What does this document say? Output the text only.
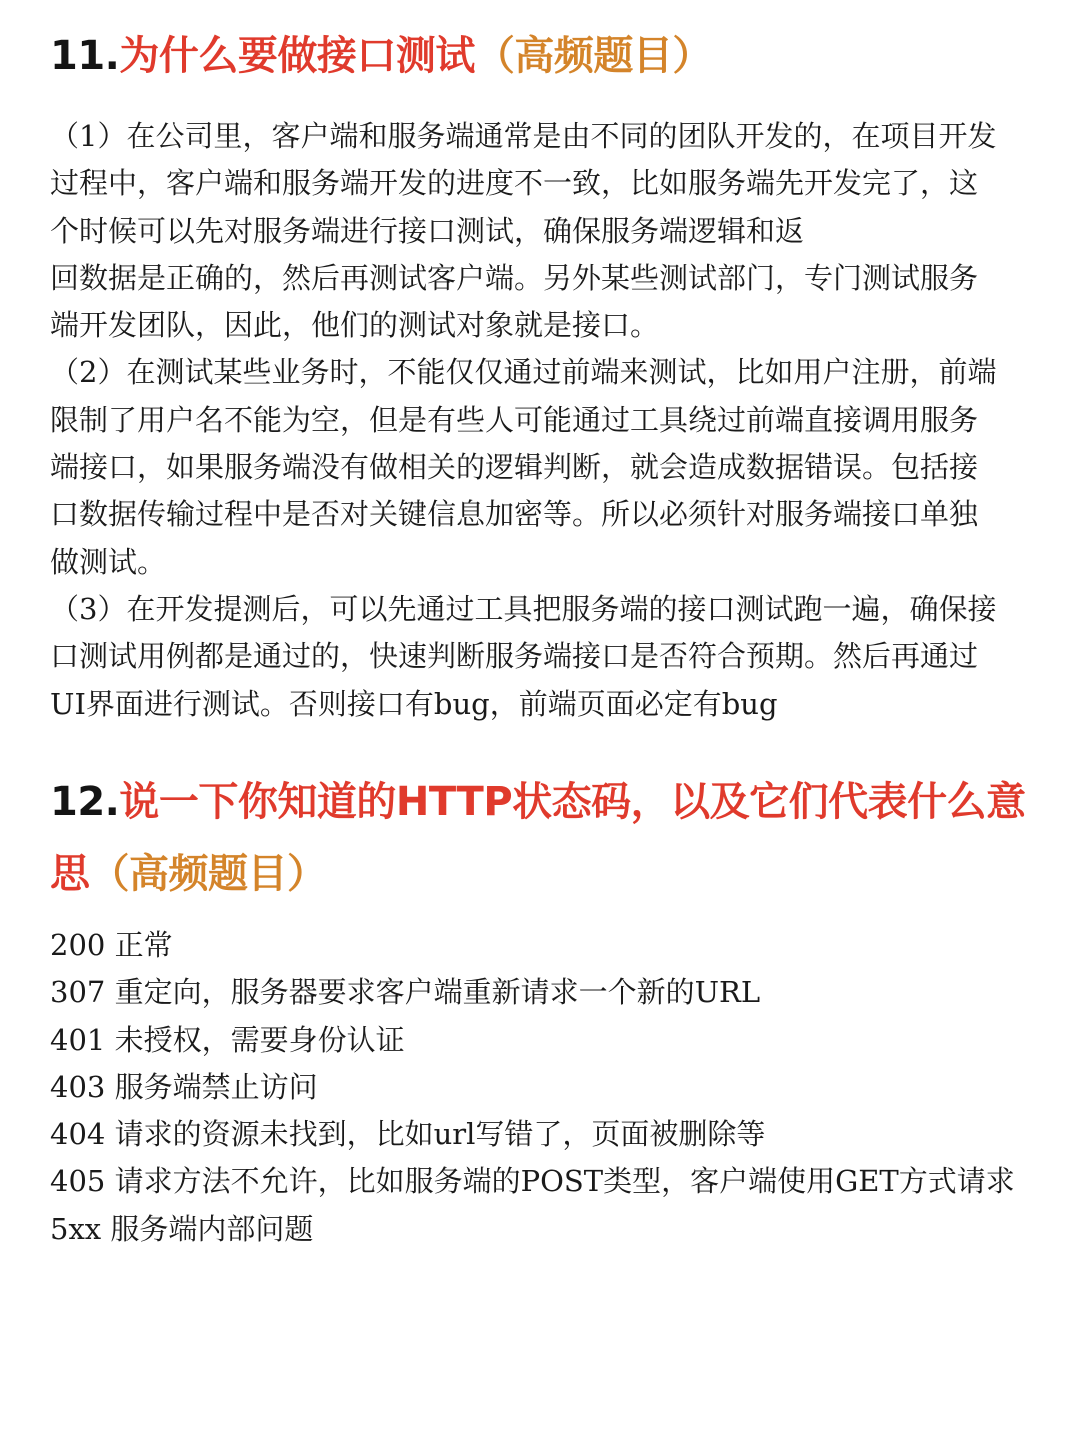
11.为什么要做接口测试（高频题目）
（1）在公司里，客户端和服务端通常是由不同的团队开发的，在项目开发
过程中，客户端和服务端开发的进度不一致，比如服务端先开发完了，这
个时候可以先对服务端进行接口测试，确保服务端逻辑和返
回数据是正确的，然后再测试客户端。另外某些测试部门，专门测试服务
端开发团队，因此，他们的测试对象就是接口。
（2）在测试某些业务时，不能仅仅通过前端来测试，比如用户注册，前端
限制了用户名不能为空，但是有些人可能通过工具绕过前端直接调用服务
端接口，如果服务端没有做相关的逻辑判断，就会造成数据错误。包括接
口数据传输过程中是否对关键信息加密等。所以必须针对服务端接口单独
做测试。
（3）在开发提测后，可以先通过工具把服务端的接口测试跑一遍，确保接
口测试用例都是通过的，快速判断服务端接口是否符合预期。然后再通过
UI界面进行测试。否则接口有bug，前端页面必定有bug
12.说一下你知道的HTTP状态码，以及它们代表什么意思（高频题目）
200 正常
307 重定向，服务器要求客户端重新请求一个新的URL
401 未授权，需要身份认证
403 服务端禁止访问
404 请求的资源未找到，比如url写错了，页面被删除等
405 请求方法不允许，比如服务端的POST类型，客户端使用GET方式请求
5xx 服务端内部问题
